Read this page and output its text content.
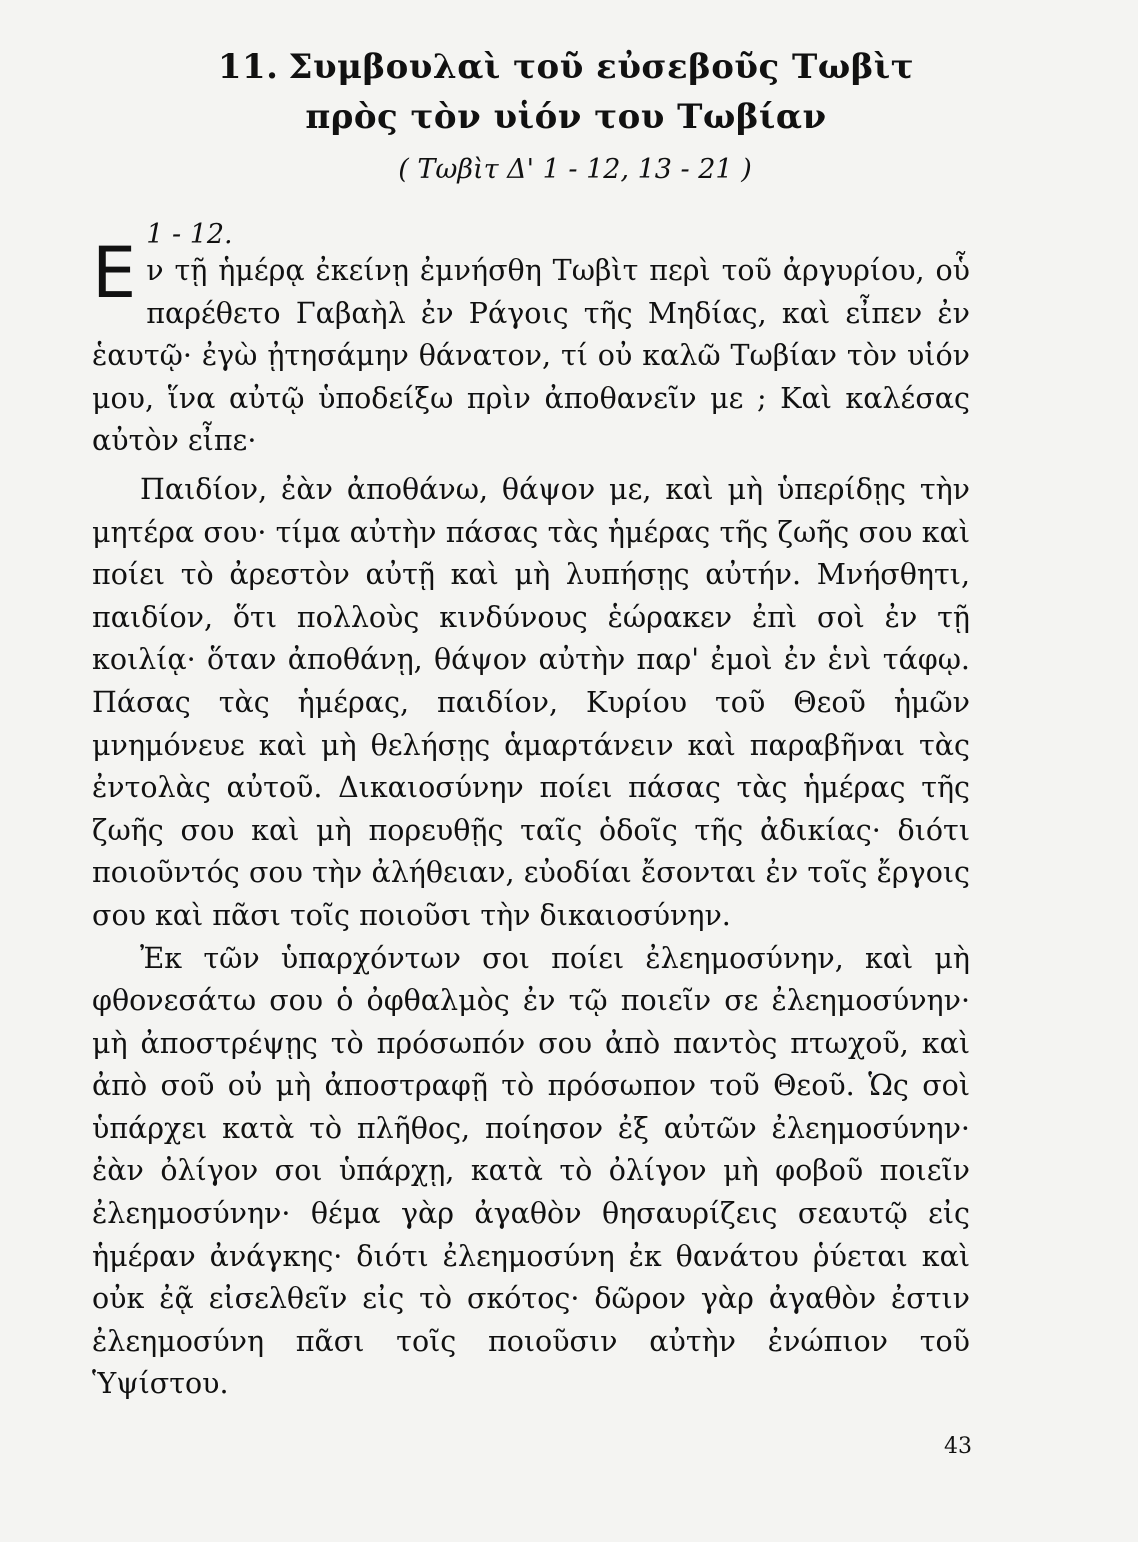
11. Συμβουλαὶ τοῦ εὐσεβοῦς Τωβὶτ
πρὸς τὸν υἱόν του Τωβίαν
( Τωβὶτ Δ' 1 - 12, 13 - 21 )
Ε 1 - 12.

ν τῇ ἡμέρᾳ ἐκείνῃ ἐμνήσθη Τωβὶτ περὶ τοῦ ἀργυρίου, οὗ παρέθετο Γαβαὴλ ἐν Ράγοις τῆς Μηδίας, καὶ εἶπεν ἐν ἑαυτῷ· ἐγὼ ᾐτησάμην θάνατον, τί οὐ καλῶ Τωβίαν τὸν υἱόν μου, ἵνα αὐτῷ ὑποδείξω πρὶν ἀποθανεῖν με ; Καὶ καλέσας αὐτὸν εἶπε·

Παιδίον, ἐὰν ἀποθάνω, θάψον με, καὶ μὴ ὑπερίδῃς τὴν μητέρα σου· τίμα αὐτὴν πάσας τὰς ἡμέρας τῆς ζωῆς σου καὶ ποίει τὸ ἀρεστὸν αὐτῇ καὶ μὴ λυπήσῃς αὐτήν. Μνήσθητι, παιδίον, ὅτι πολλοὺς κινδύνους ἑώρακεν ἐπὶ σοὶ ἐν τῇ κοιλίᾳ· ὅταν ἀποθάνῃ, θάψον αὐτὴν παρ' ἐμοὶ ἐν ἑνὶ τάφῳ. Πάσας τὰς ἡμέρας, παιδίον, Κυρίου τοῦ Θεοῦ ἡμῶν μνημόνευε καὶ μὴ θελήσῃς ἁμαρτάνειν καὶ παραβῆναι τὰς ἐντολὰς αὐτοῦ. Δικαιοσύνην ποίει πάσας τὰς ἡμέρας τῆς ζωῆς σου καὶ μὴ πορευθῇς ταῖς ὁδοῖς τῆς ἀδικίας· διότι ποιοῦντός σου τὴν ἀλήθειαν, εὐοδίαι ἔσονται ἐν τοῖς ἔργοις σου καὶ πᾶσι τοῖς ποιοῦσι τὴν δικαιοσύνην.

Ἐκ τῶν ὑπαρχόντων σοι ποίει ἐλεημοσύνην, καὶ μὴ φθονεσάτω σου ὁ ὀφθαλμὸς ἐν τῷ ποιεῖν σε ἐλεημοσύνην· μὴ ἀποστρέψῃς τὸ πρόσωπόν σου ἀπὸ παντὸς πτωχοῦ, καὶ ἀπὸ σοῦ οὐ μὴ ἀποστραφῇ τὸ πρόσωπον τοῦ Θεοῦ. Ὡς σοὶ ὑπάρχει κατὰ τὸ πλῆθος, ποίησον ἐξ αὐτῶν ἐλεημοσύνην· ἐὰν ὀλίγον σοι ὑπάρχῃ, κατὰ τὸ ὀλίγον μὴ φοβοῦ ποιεῖν ἐλεημοσύνην· θέμα γὰρ ἀγαθὸν θησαυρίζεις σεαυτῷ εἰς ἡμέραν ἀνάγκης· διότι ἐλεημοσύνη ἐκ θανάτου ῥύεται καὶ οὐκ ἐᾷ εἰσελθεῖν εἰς τὸ σκότος· δῶρον γὰρ ἀγαθὸν ἐστιν ἐλεημοσύνη πᾶσι τοῖς ποιοῦσιν αὐτὴν ἐνώπιον τοῦ Ὑψίστου.

43
